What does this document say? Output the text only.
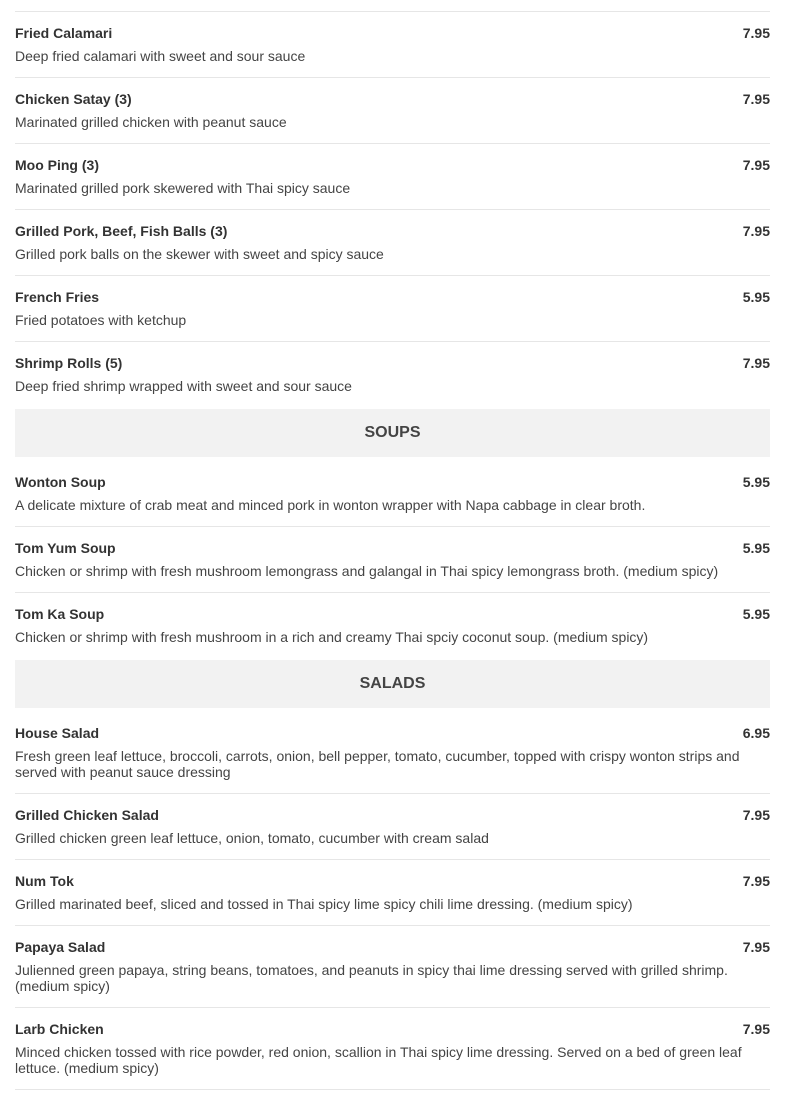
Fried Calamari	7.95
Deep fried calamari with sweet and sour sauce
Chicken Satay (3)	7.95
Marinated grilled chicken with peanut sauce
Moo Ping (3)	7.95
Marinated grilled pork skewered with Thai spicy sauce
Grilled Pork, Beef, Fish Balls (3)	7.95
Grilled pork balls on the skewer with sweet and spicy sauce
French Fries	5.95
Fried potatoes with ketchup
Shrimp Rolls (5)	7.95
Deep fried shrimp wrapped with sweet and sour sauce
SOUPS
Wonton Soup	5.95
A delicate mixture of crab meat and minced pork in wonton wrapper with Napa cabbage in clear broth.
Tom Yum Soup	5.95
Chicken or shrimp with fresh mushroom lemongrass and galangal in Thai spicy lemongrass broth. (medium spicy)
Tom Ka Soup	5.95
Chicken or shrimp with fresh mushroom in a rich and creamy Thai spciy coconut soup. (medium spicy)
SALADS
House Salad	6.95
Fresh green leaf lettuce, broccoli, carrots, onion, bell pepper, tomato, cucumber, topped with crispy wonton strips and served with peanut sauce dressing
Grilled Chicken Salad	7.95
Grilled chicken green leaf lettuce, onion, tomato, cucumber with cream salad
Num Tok	7.95
Grilled marinated beef, sliced and tossed in Thai spicy lime spicy chili lime dressing. (medium spicy)
Papaya Salad	7.95
Julienned green papaya, string beans, tomatoes, and peanuts in spicy thai lime dressing served with grilled shrimp. (medium spicy)
Larb Chicken	7.95
Minced chicken tossed with rice powder, red onion, scallion in Thai spicy lime dressing. Served on a bed of green leaf lettuce. (medium spicy)
